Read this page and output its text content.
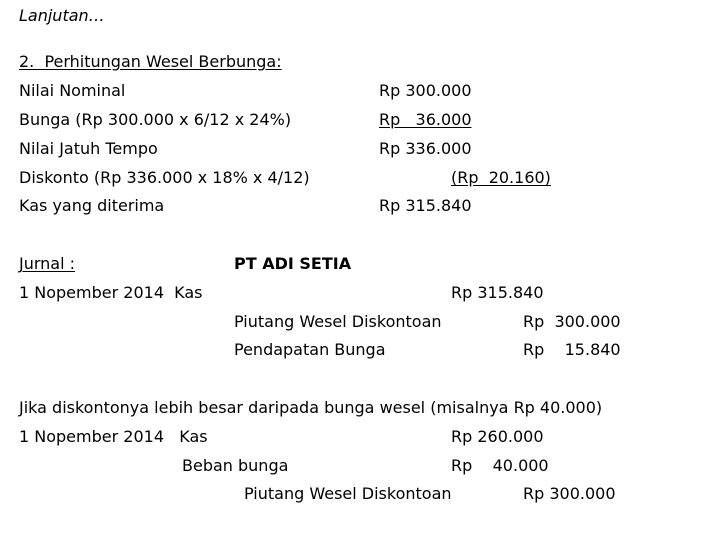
Lanjutan…
2.  Perhitungan Wesel Berbunga:
Nilai Nominal	Rp 300.000
Bunga (Rp 300.000 x 6/12 x 24%)	Rp   36.000
Nilai Jatuh Tempo	Rp 336.000
Diskonto (Rp 336.000 x 18% x 4/12)	(Rp  20.160)
Kas yang diterima	Rp 315.840
Jurnal :	PT ADI SETIA
1 Nopember 2014  Kas	Rp 315.840
Piutang Wesel Diskontoan	Rp  300.000
Pendapatan Bunga	Rp    15.840
Jika diskontonya lebih besar daripada bunga wesel (misalnya Rp 40.000)
1 Nopember 2014   Kas	Rp 260.000
Beban bunga	Rp    40.000
Piutang Wesel Diskontoan	Rp 300.000
